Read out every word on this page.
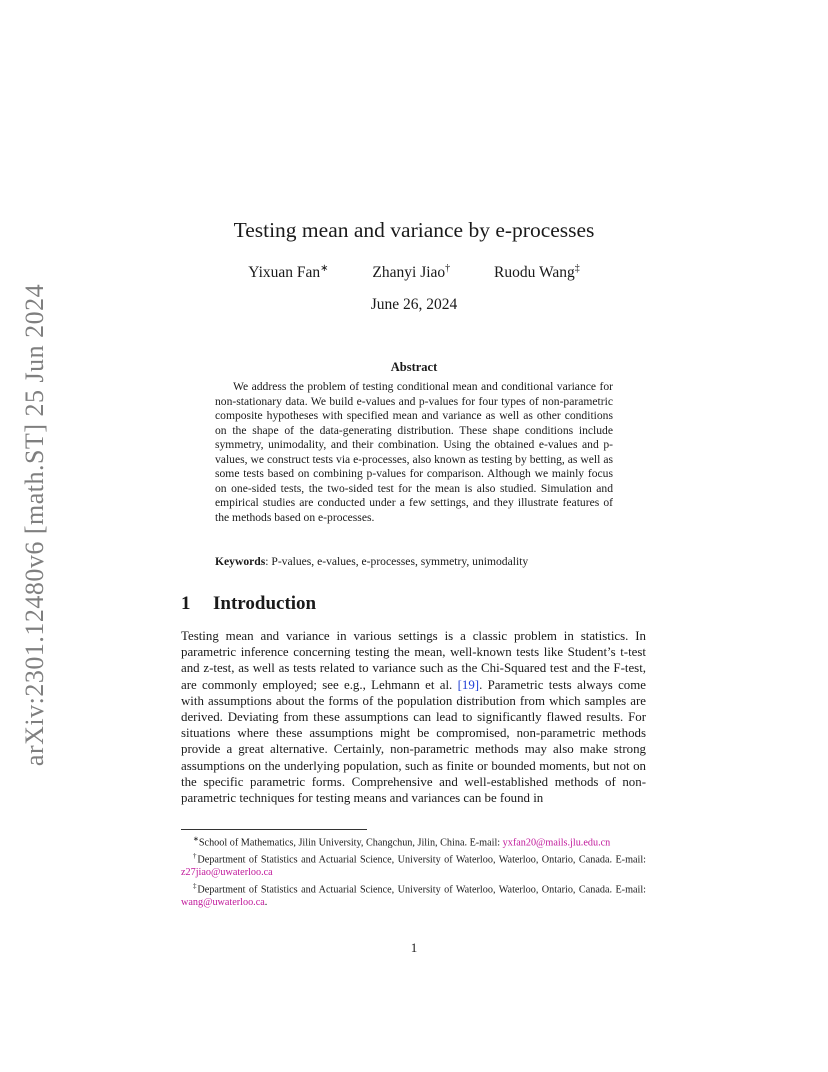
arXiv:2301.12480v6 [math.ST] 25 Jun 2024
Testing mean and variance by e-processes
Yixuan Fan∗	Zhanyi Jiao†	Ruodu Wang‡
June 26, 2024
Abstract

We address the problem of testing conditional mean and conditional variance for non-stationary data. We build e-values and p-values for four types of non-parametric composite hypotheses with specified mean and variance as well as other conditions on the shape of the data-generating distribution. These shape conditions include symmetry, unimodality, and their combination. Using the obtained e-values and p-values, we construct tests via e-processes, also known as testing by betting, as well as some tests based on combining p-values for comparison. Although we mainly focus on one-sided tests, the two-sided test for the mean is also studied. Simulation and empirical studies are conducted under a few settings, and they illustrate features of the methods based on e-processes.

Keywords: P-values, e-values, e-processes, symmetry, unimodality

1 Introduction

Testing mean and variance in various settings is a classic problem in statistics. In parametric inference concerning testing the mean, well-known tests like Student’s t-test and z-test, as well as tests related to variance such as the Chi-Squared test and the F-test, are commonly employed; see e.g., Lehmann et al. [19]. Parametric tests always come with assumptions about the forms of the population distribution from which samples are derived. Deviating from these assumptions can lead to significantly flawed results. For situations where these assumptions might be compromised, non-parametric methods provide a great alternative. Certainly, non-parametric methods may also make strong assumptions on the underlying population, such as finite or bounded moments, but not on the specific parametric forms. Comprehensive and well-established methods of non-parametric techniques for testing means and variances can be found in

∗School of Mathematics, Jilin University, Changchun, Jilin, China. E-mail: yxfan20@mails.jlu.edu.cn

†Department of Statistics and Actuarial Science, University of Waterloo, Waterloo, Ontario, Canada. E-mail: z27jiao@uwaterloo.ca

‡Department of Statistics and Actuarial Science, University of Waterloo, Waterloo, Ontario, Canada. E-mail: wang@uwaterloo.ca.

1
